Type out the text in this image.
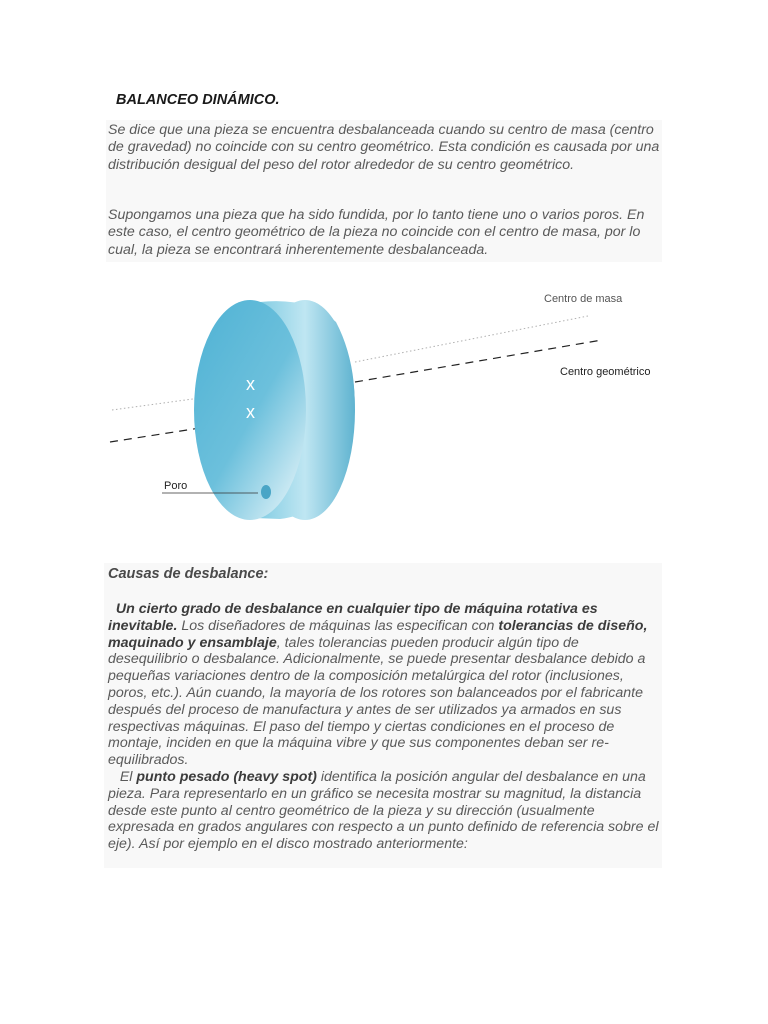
BALANCEO DINÁMICO.

Se dice que una pieza se encuentra desbalanceada cuando su centro de masa (centro de gravedad) no coincide con su centro geométrico. Esta condición es causada por una distribución desigual del peso del rotor alrededor de su centro geométrico.

Supongamos una pieza que ha sido fundida, por lo tanto tiene uno o varios poros. En este caso, el centro geométrico de la pieza no coincide con el centro de masa, por lo cual, la pieza se encontrará inherentemente desbalanceada.

x
x
Centro de masa
Centro geométrico
Poro
Causas de desbalance:

Un cierto grado de desbalance en cualquier tipo de máquina rotativa es inevitable. Los diseñadores de máquinas las especifican con tolerancias de diseño, maquinado y ensamblaje, tales tolerancias pueden producir algún tipo de desequilibrio o desbalance. Adicionalmente, se puede presentar desbalance debido a pequeñas variaciones dentro de la composición metalúrgica del rotor (inclusiones, poros, etc.). Aún cuando, la mayoría de los rotores son balanceados por el fabricante después del proceso de manufactura y antes de ser utilizados ya armados en sus respectivas máquinas. El paso del tiempo y ciertas condiciones en el proceso de montaje, inciden en que la máquina vibre y que sus componentes deban ser re-equilibrados.
El punto pesado (heavy spot) identifica la posición angular del desbalance en una pieza. Para representarlo en un gráfico se necesita mostrar su magnitud, la distancia desde este punto al centro geométrico de la pieza y su dirección (usualmente expresada en grados angulares con respecto a un punto definido de referencia sobre el eje). Así por ejemplo en el disco mostrado anteriormente:
